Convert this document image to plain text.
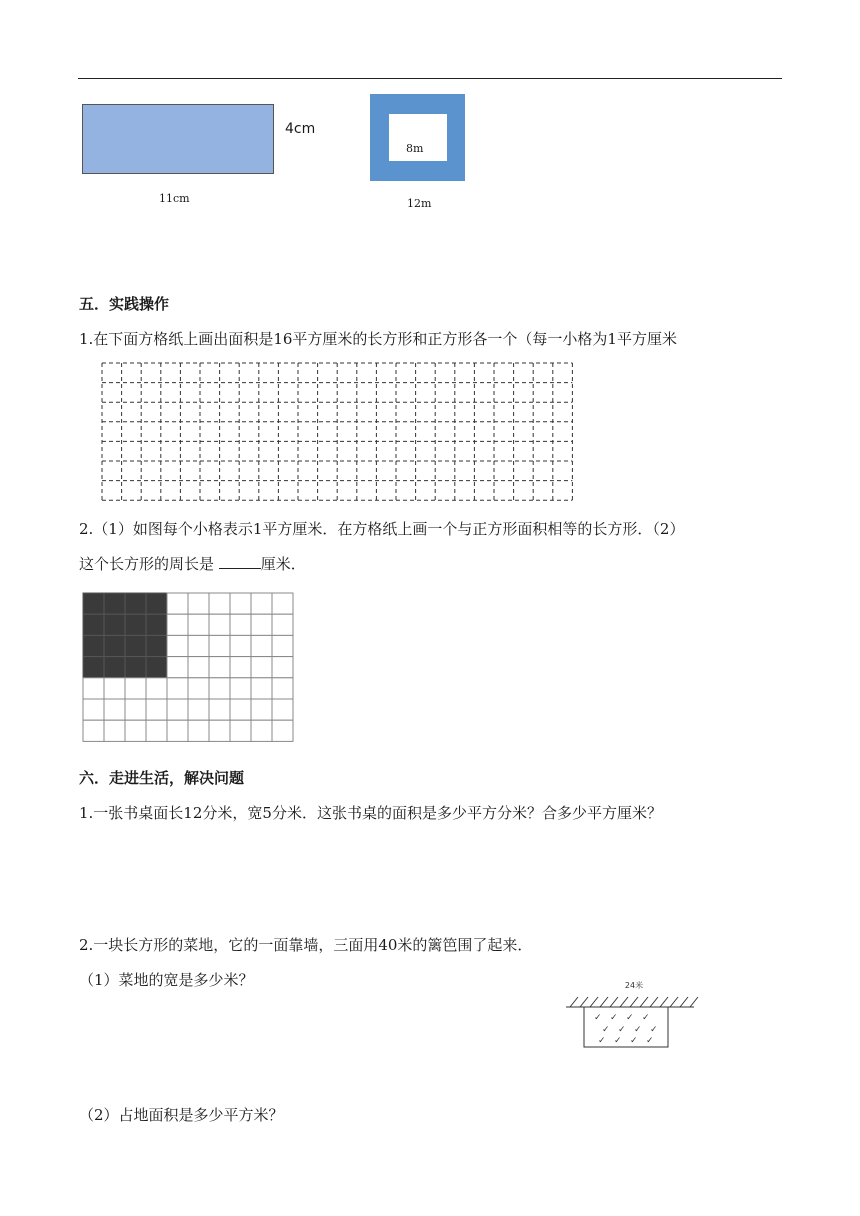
4cm
11cm
8m
12m
五．实践操作
1.在下面方格纸上画出面积是16平方厘米的长方形和正方形各一个（每一小格为1平方厘米
2.（1）如图每个小格表示1平方厘米．在方格纸上画一个与正方形面积相等的长方形．（2）
这个长方形的周长是	厘米．
六．走进生活，解决问题
1.一张书桌面长12分米，宽5分米．这张书桌的面积是多少平方分米？合多少平方厘米？
2.一块长方形的菜地，它的一面靠墙，三面用40米的篱笆围了起来．
（1）菜地的宽是多少米？	24米
✓ ✓ ✓ ✓
✓ ✓ ✓ ✓
✓ ✓ ✓ ✓
（2）占地面积是多少平方米？
